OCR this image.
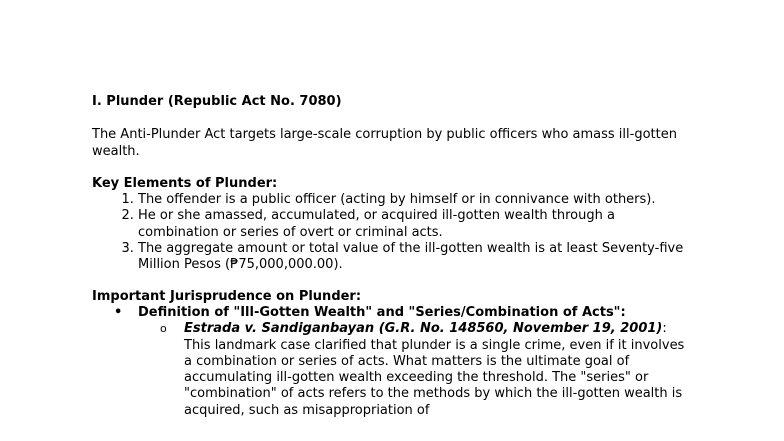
I. Plunder (Republic Act No. 7080)
The Anti-Plunder Act targets large-scale corruption by public officers who amass ill-gotten wealth.
Key Elements of Plunder:
1. The offender is a public officer (acting by himself or in connivance with others).
2. He or she amassed, accumulated, or acquired ill-gotten wealth through a combination or series of overt or criminal acts.
3. The aggregate amount or total value of the ill-gotten wealth is at least Seventy-five Million Pesos (₱75,000,000.00).
Important Jurisprudence on Plunder:
• Definition of "Ill-Gotten Wealth" and "Series/Combination of Acts":
o Estrada v. Sandiganbayan (G.R. No. 148560, November 19, 2001): This landmark case clarified that plunder is a single crime, even if it involves a combination or series of acts. What matters is the ultimate goal of accumulating ill-gotten wealth exceeding the threshold. The "series" or "combination" of acts refers to the methods by which the ill-gotten wealth is acquired, such as misappropriation of
